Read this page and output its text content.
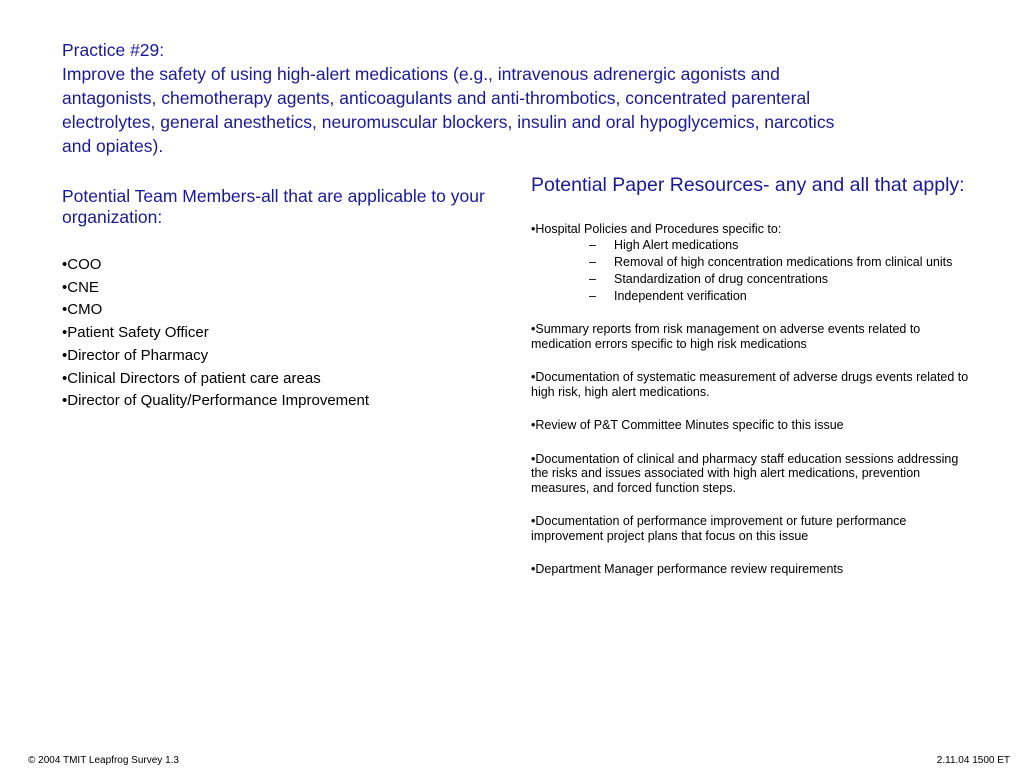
Practice #29:
Improve the safety of using high-alert medications (e.g., intravenous adrenergic agonists and
antagonists, chemotherapy agents, anticoagulants and anti-thrombotics, concentrated parenteral
electrolytes, general anesthetics, neuromuscular blockers, insulin and oral hypoglycemics, narcotics
and opiates).
Potential Team Members-all that are applicable to your organization:
•COO
•CNE
•CMO
•Patient Safety Officer
•Director of Pharmacy
•Clinical Directors of patient care areas
•Director of Quality/Performance Improvement
Potential Paper Resources- any and all that apply:
•Hospital Policies and Procedures specific to:
– High Alert medications
– Removal of high concentration medications from clinical units
– Standardization of drug concentrations
– Independent verification
•Summary reports from risk management on adverse events related to medication errors specific to high risk medications
•Documentation of systematic measurement of adverse drugs events related to high risk, high alert medications.
•Review of P&T Committee Minutes specific to this issue
•Documentation of clinical and pharmacy staff education sessions addressing the risks and issues associated with high alert medications, prevention measures, and forced function steps.
•Documentation of performance improvement or future performance improvement project plans that focus on this issue
•Department Manager performance review requirements
© 2004 TMIT Leapfrog Survey 1.3	2.11.04 1500 ET
